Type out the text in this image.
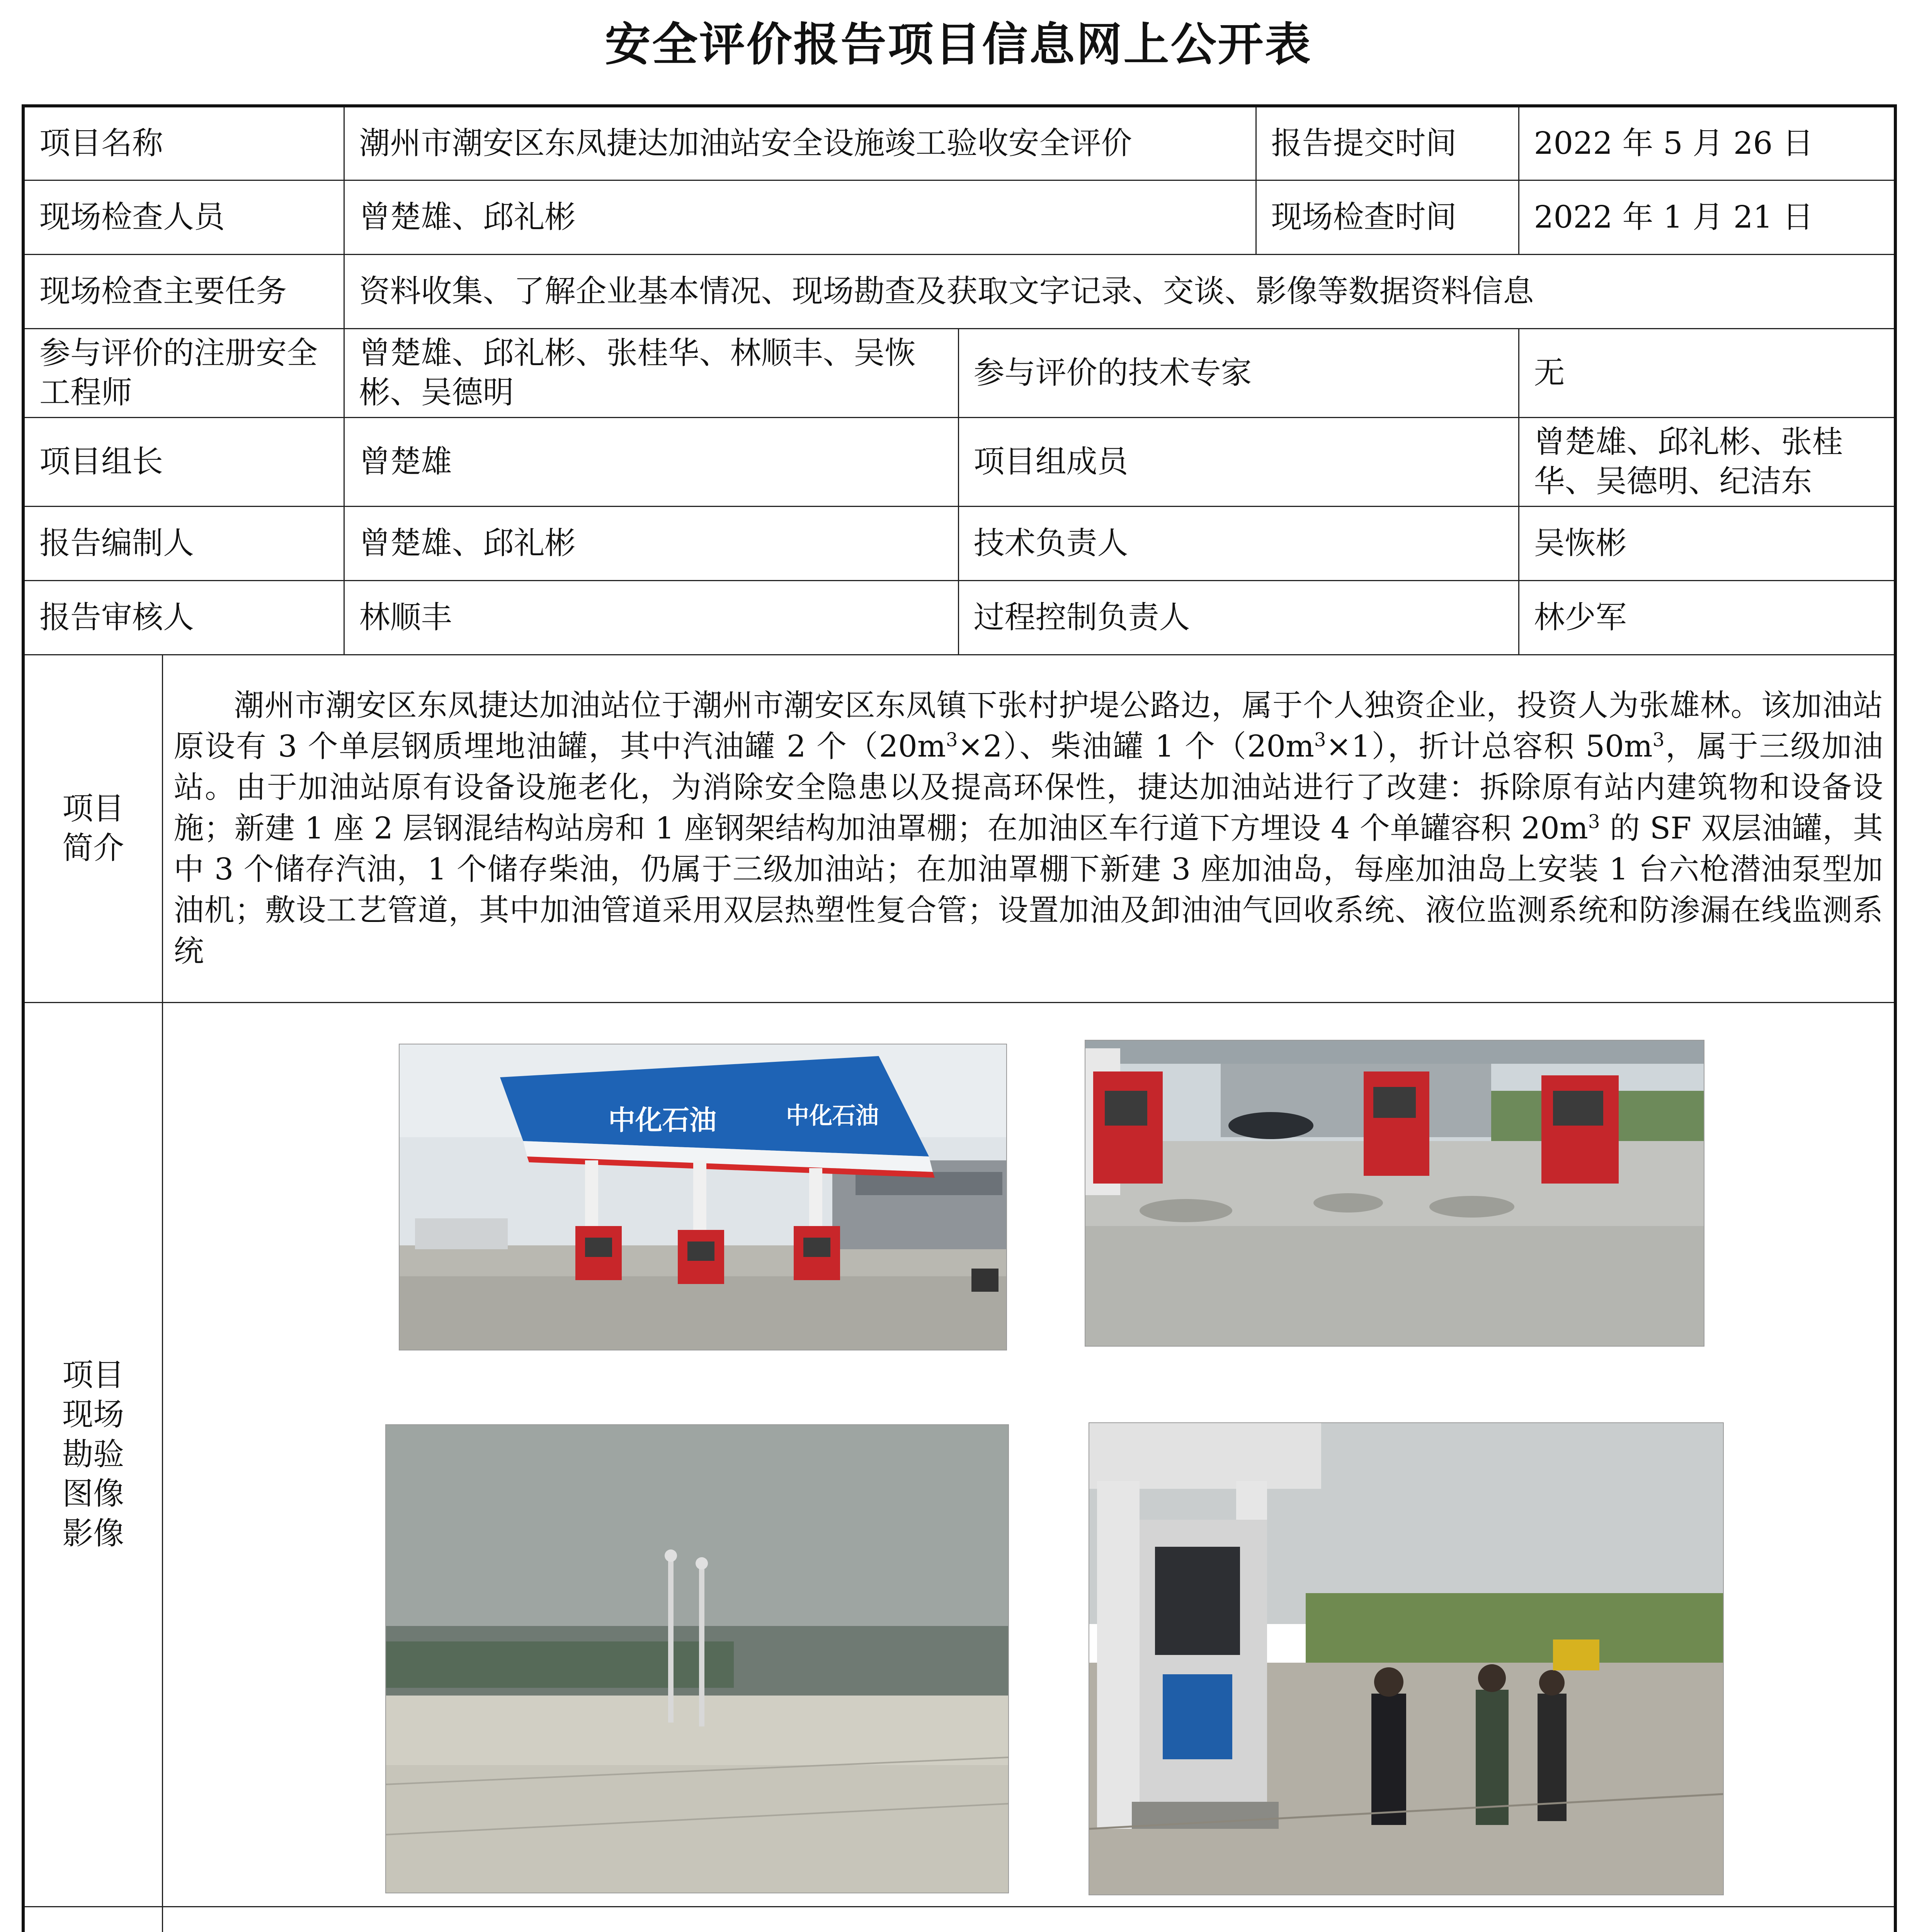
安全评价报告项目信息网上公开表
项目名称		潮州市潮安区东凤捷达加油站安全设施竣工验收安全评价		报告提交时间	2022 年 5 月 26 日
现场检查人员		曾楚雄、邱礼彬		现场检查时间	2022 年 1 月 21 日
现场检查主要任务		资料收集、了解企业基本情况、现场勘查及获取文字记录、交谈、影像等数据资料信息			
参与评价的注册安全工程师		曾楚雄、邱礼彬、张桂华、林顺丰、吴恢彬、吴德明	参与评价的技术专家		无
项目组长		曾楚雄	项目组成员		曾楚雄、邱礼彬、张桂华、吴德明、纪洁东
报告编制人		曾楚雄、邱礼彬	技术负责人		吴恢彬
报告审核人		林顺丰	过程控制负责人		林少军

项目
简介	潮州市潮安区东凤捷达加油站位于潮州市潮安区东凤镇下张村护堤公路边，属于个人独资企业，投资人为张雄林。该加油站原设有 3 个单层钢质埋地油罐，其中汽油罐 2 个$(20m^3\times 2)$、柴油罐 1 个$(20m^3\times 1)$，折计总容积 $50m^3$，属于三级加油站。由于加油站原有设备设施老化，为消除安全隐患以及提高环保性，捷达加油站进行了改建：拆除原有站内建筑物和设备设施；新建 1 座 2 层钢混结构站房和 1 座钢架结构加油罩棚；在加油区车行道下方埋设 4 个单罐容积 $20m^3$ 的 SF 双层油罐，其中 3 个储存汽油，1 个储存柴油，仍属于三级加油站；在加油罩棚下新建 3 座加油岛，每座加油岛上安装 1 台六枪潜油泵型加油机；敷设工艺管道，其中加油管道采用双层热塑性复合管；设置加油及卸油油气回收系统、液位监测系统和防渗漏在线监测系统				

项目
现场
勘验
图像
影像	中化石油 中化石油				
